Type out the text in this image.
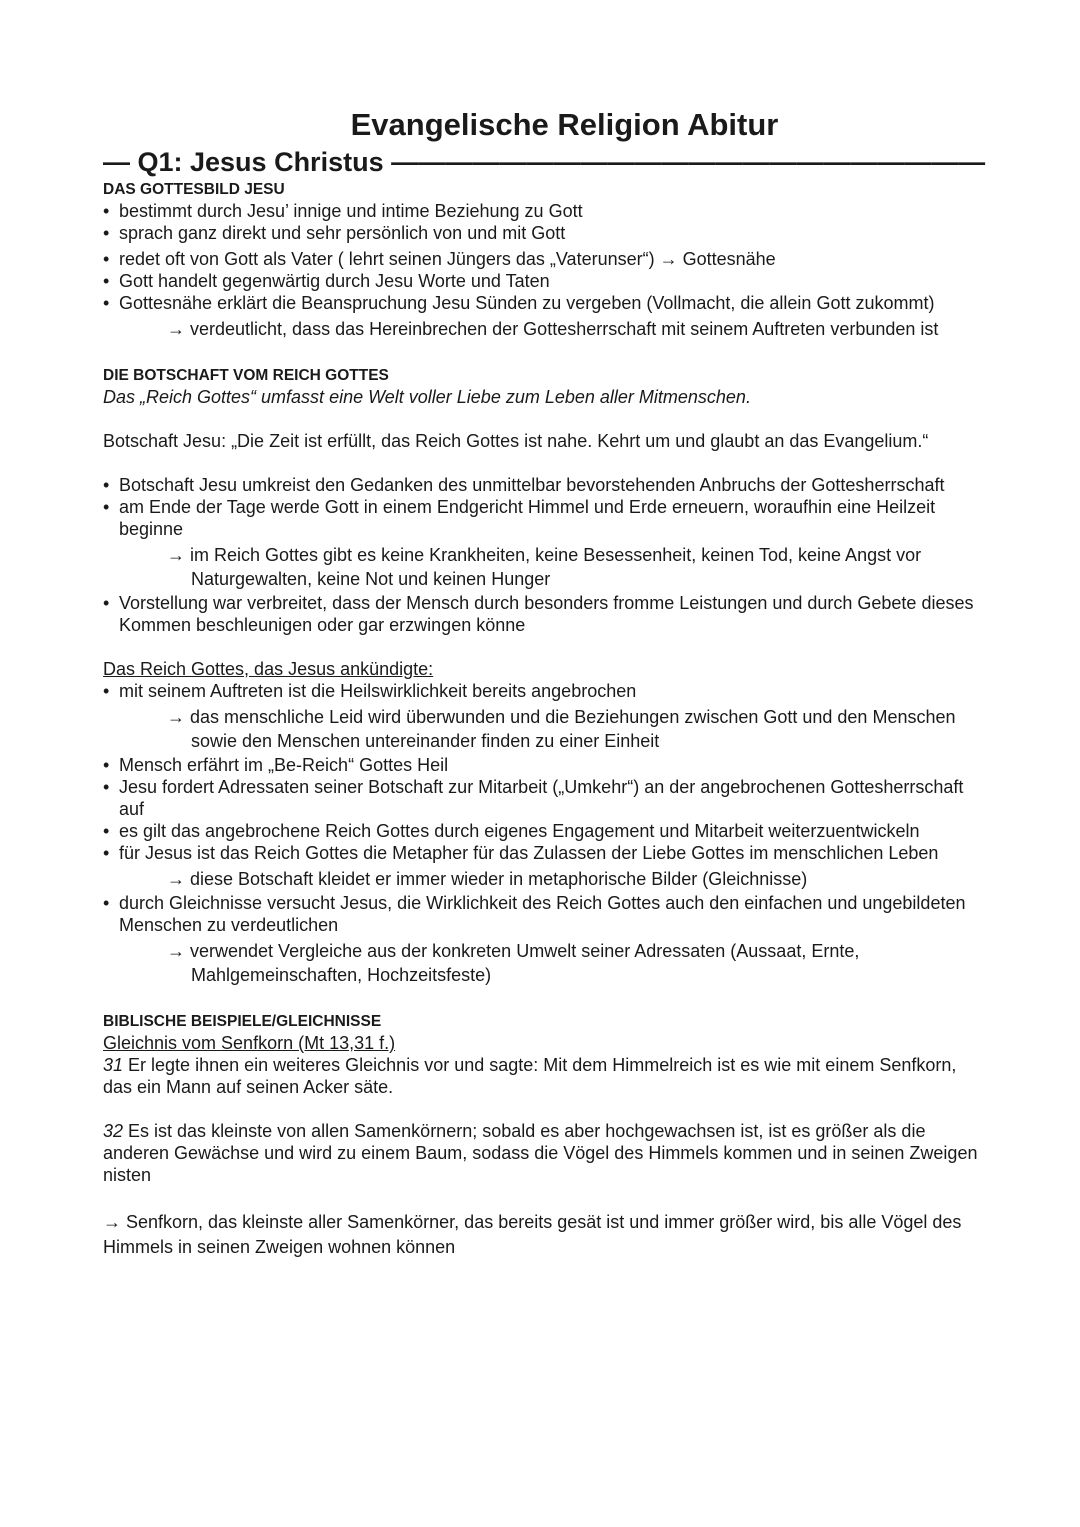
Evangelische Religion Abitur
— Q1: Jesus Christus ——————————————————————
DAS GOTTESBILD JESU
• bestimmt durch Jesu’ innige und intime Beziehung zu Gott
• sprach ganz direkt und sehr persönlich von und mit Gott
• redet oft von Gott als Vater ( lehrt seinen Jüngers das „Vaterunser“) → Gottesnähe
• Gott handelt gegenwärtig durch Jesu Worte und Taten
• Gottesnähe erklärt die Beanspruchung Jesu Sünden zu vergeben (Vollmacht, die allein Gott zukommt)
→ verdeutlicht, dass das Hereinbrechen der Gottesherrschaft mit seinem Auftreten verbunden ist
DIE BOTSCHAFT VOM REICH GOTTES
Das „Reich Gottes“ umfasst eine Welt voller Liebe zum Leben aller Mitmenschen.
Botschaft Jesu: „Die Zeit ist erfüllt, das Reich Gottes ist nahe. Kehrt um und glaubt an das Evangelium.“
• Botschaft Jesu umkreist den Gedanken des unmittelbar bevorstehenden Anbruchs der Gottesherrschaft
• am Ende der Tage werde Gott in einem Endgericht Himmel und Erde erneuern, woraufhin eine Heilzeit beginne
→ im Reich Gottes gibt es keine Krankheiten, keine Besessenheit, keinen Tod, keine Angst vor Naturgewalten, keine Not und keinen Hunger
• Vorstellung war verbreitet, dass der Mensch durch besonders fromme Leistungen und durch Gebete dieses Kommen beschleunigen oder gar erzwingen könne
Das Reich Gottes, das Jesus ankündigte:
• mit seinem Auftreten ist die Heilswirklichkeit bereits angebrochen
→ das menschliche Leid wird überwunden und die Beziehungen zwischen Gott und den Menschen sowie den Menschen untereinander finden zu einer Einheit
• Mensch erfährt im „Be-Reich“ Gottes Heil
• Jesu fordert Adressaten seiner Botschaft zur Mitarbeit („Umkehr“) an der angebrochenen Gottesherrschaft auf
• es gilt das angebrochene Reich Gottes durch eigenes Engagement und Mitarbeit weiterzuentwickeln
• für Jesus ist das Reich Gottes die Metapher für das Zulassen der Liebe Gottes im menschlichen Leben
→ diese Botschaft kleidet er immer wieder in metaphorische Bilder (Gleichnisse)
• durch Gleichnisse versucht Jesus, die Wirklichkeit des Reich Gottes auch den einfachen und ungebildeten Menschen zu verdeutlichen
→ verwendet Vergleiche aus der konkreten Umwelt seiner Adressaten (Aussaat, Ernte, Mahlgemeinschaften, Hochzeitsfeste)
BIBLISCHE BEISPIELE/GLEICHNISSE
Gleichnis vom Senfkorn (Mt 13,31 f.)
31 Er legte ihnen ein weiteres Gleichnis vor und sagte: Mit dem Himmelreich ist es wie mit einem Senfkorn, das ein Mann auf seinen Acker säte.
32 Es ist das kleinste von allen Samenkörnern; sobald es aber hochgewachsen ist, ist es größer als die anderen Gewächse und wird zu einem Baum, sodass die Vögel des Himmels kommen und in seinen Zweigen nisten
→ Senfkorn, das kleinste aller Samenkörner, das bereits gesät ist und immer größer wird, bis alle Vögel des Himmels in seinen Zweigen wohnen können
